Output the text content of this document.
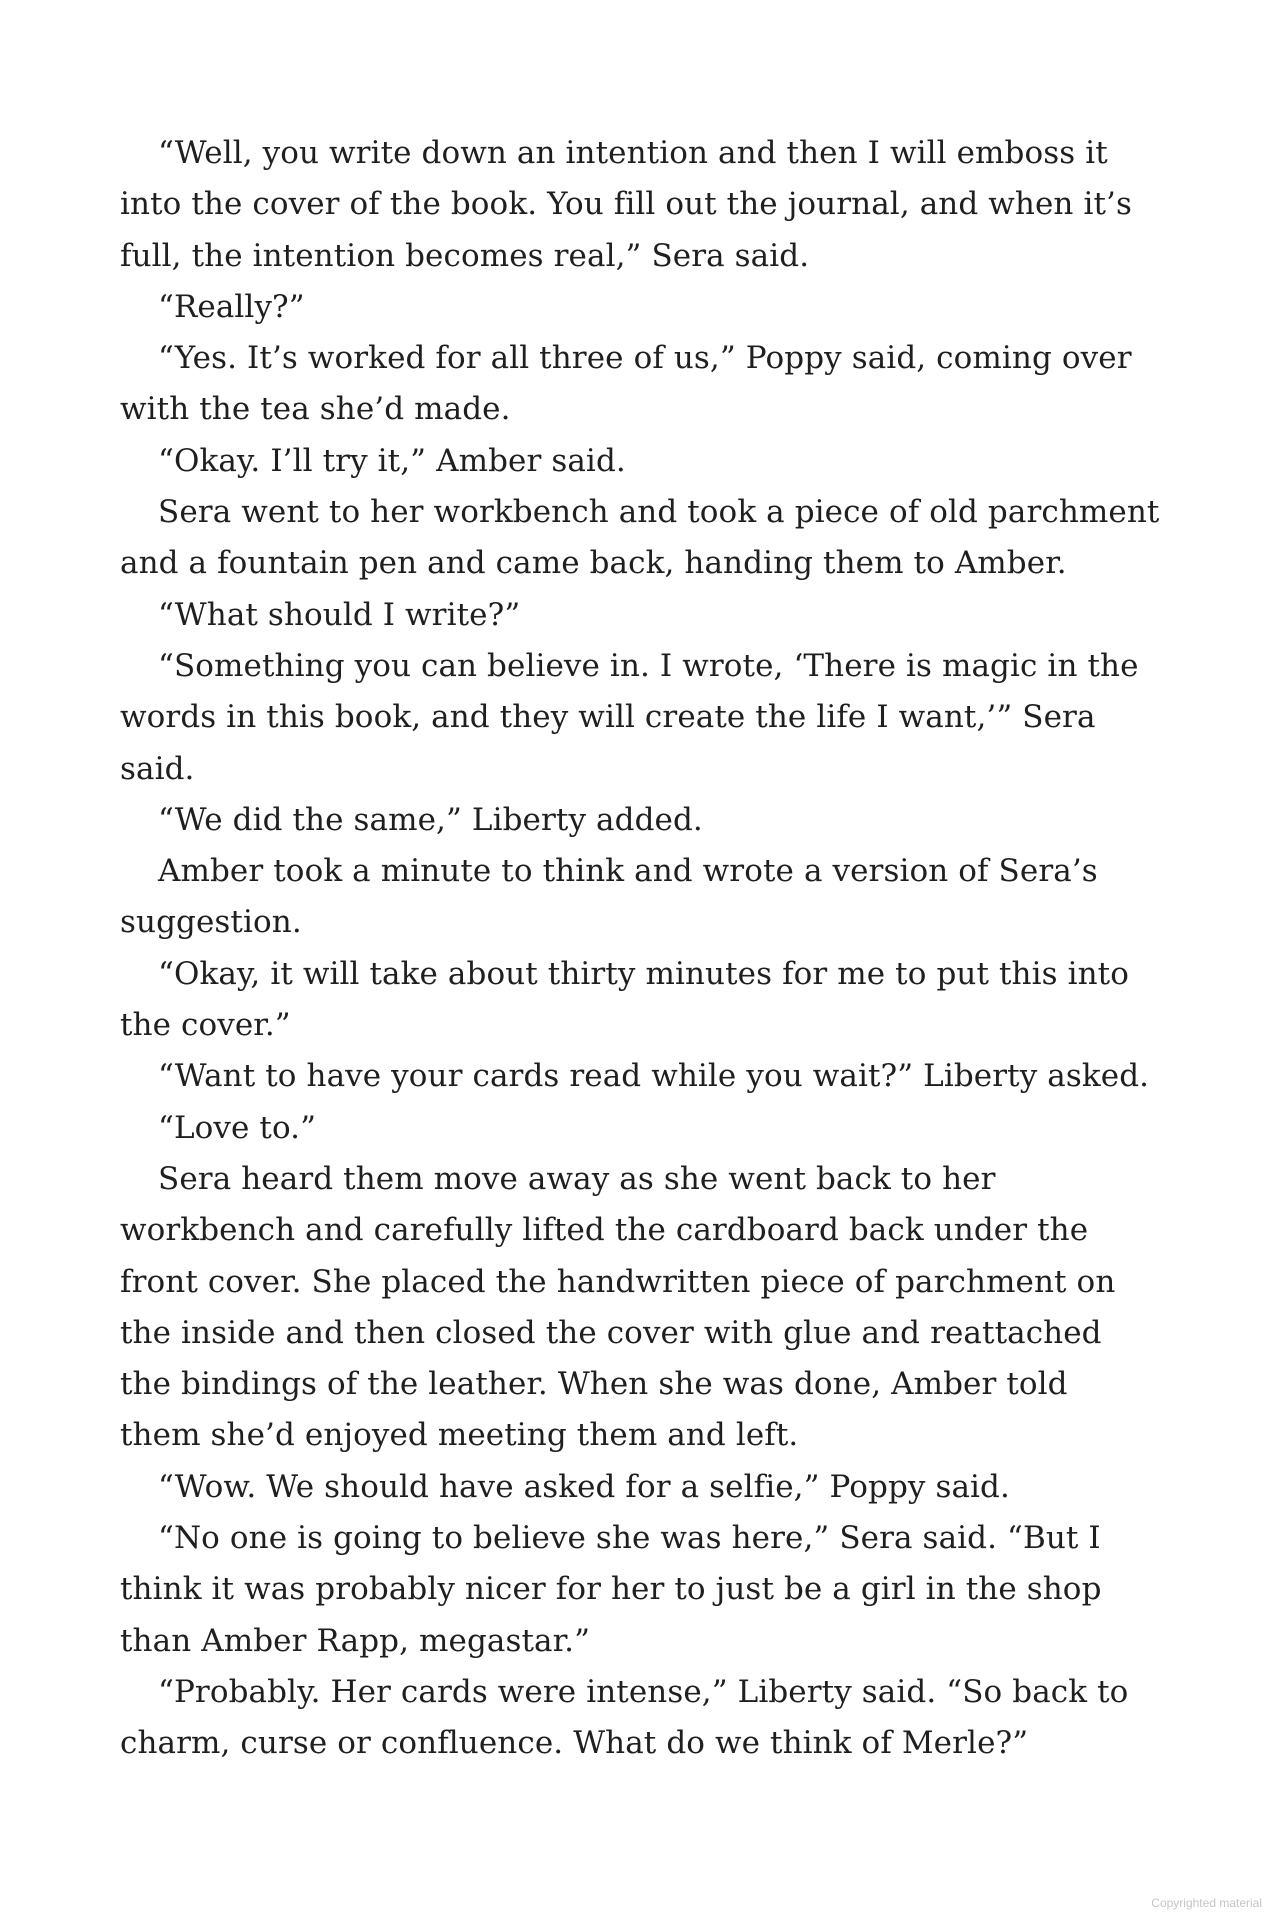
“Well, you write down an intention and then I will emboss it
into the cover of the book. You fill out the journal, and when it’s
full, the intention becomes real,” Sera said.
“Really?”
“Yes. It’s worked for all three of us,” Poppy said, coming over
with the tea she’d made.
“Okay. I’ll try it,” Amber said.
Sera went to her workbench and took a piece of old parchment
and a fountain pen and came back, handing them to Amber.
“What should I write?”
“Something you can believe in. I wrote, ‘There is magic in the
words in this book, and they will create the life I want,’” Sera
said.
“We did the same,” Liberty added.
Amber took a minute to think and wrote a version of Sera’s
suggestion.
“Okay, it will take about thirty minutes for me to put this into
the cover.”
“Want to have your cards read while you wait?” Liberty asked.
“Love to.”
Sera heard them move away as she went back to her
workbench and carefully lifted the cardboard back under the
front cover. She placed the handwritten piece of parchment on
the inside and then closed the cover with glue and reattached
the bindings of the leather. When she was done, Amber told
them she’d enjoyed meeting them and left.
“Wow. We should have asked for a selfie,” Poppy said.
“No one is going to believe she was here,” Sera said. “But I
think it was probably nicer for her to just be a girl in the shop
than Amber Rapp, megastar.”
“Probably. Her cards were intense,” Liberty said. “So back to
charm, curse or confluence. What do we think of Merle?”
Copyrighted material
